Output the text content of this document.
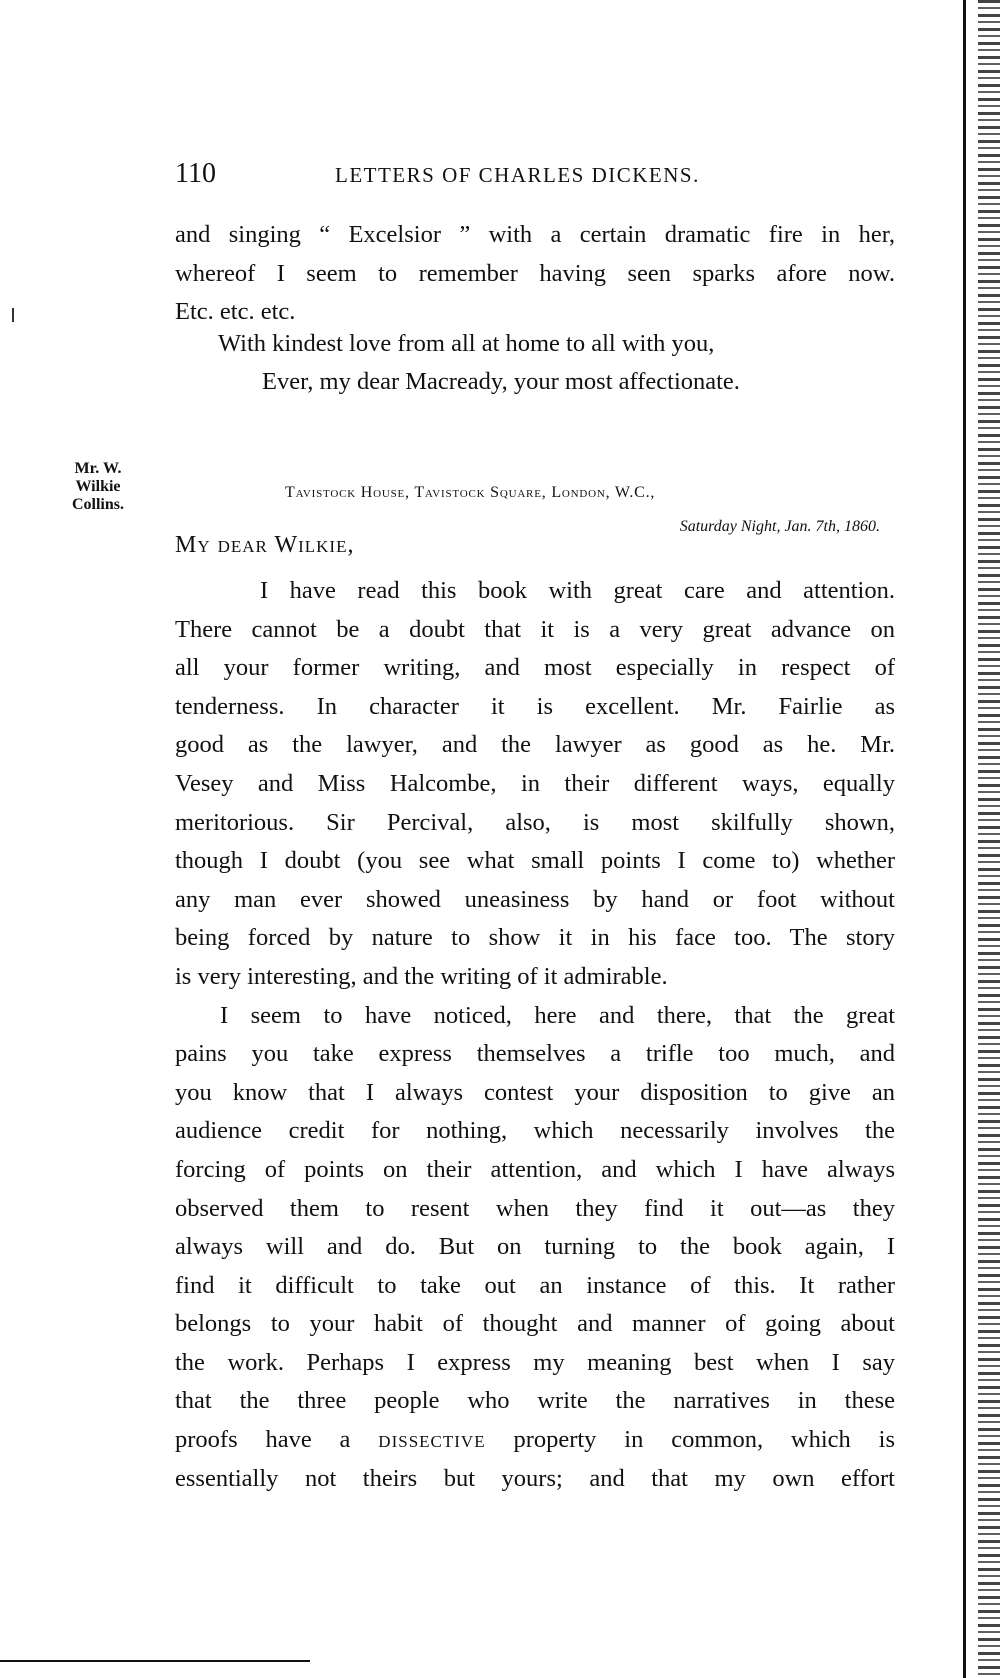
110	LETTERS OF CHARLES DICKENS.
and singing “ Excelsior ” with a certain dramatic fire in her,
whereof I seem to remember having seen sparks afore now.
Etc. etc. etc.
With kindest love from all at home to all with you,
Ever, my dear Macready, your most affectionate.
Mr. W.
Wilkie
Collins.
Tavistock House, Tavistock Square, London, W.C.,
Saturday Night, Jan. 7th, 1860.
My dear Wilkie,

I have read this book with great care and attention.
There cannot be a doubt that it is a very great advance on
all your former writing, and most especially in respect of
tenderness. In character it is excellent. Mr. Fairlie as
good as the lawyer, and the lawyer as good as he. Mr.
Vesey and Miss Halcombe, in their different ways, equally
meritorious. Sir Percival, also, is most skilfully shown,
though I doubt (you see what small points I come to) whether
any man ever showed uneasiness by hand or foot without
being forced by nature to show it in his face too. The story
is very interesting, and the writing of it admirable.

I seem to have noticed, here and there, that the great
pains you take express themselves a trifle too much, and
you know that I always contest your disposition to give an
audience credit for nothing, which necessarily involves the
forcing of points on their attention, and which I have always
observed them to resent when they find it out—as they
always will and do. But on turning to the book again, I
find it difficult to take out an instance of this. It rather
belongs to your habit of thought and manner of going about
the work. Perhaps I express my meaning best when I say
that the three people who write the narratives in these
proofs have a dissective property in common, which is
essentially not theirs but yours; and that my own effort
